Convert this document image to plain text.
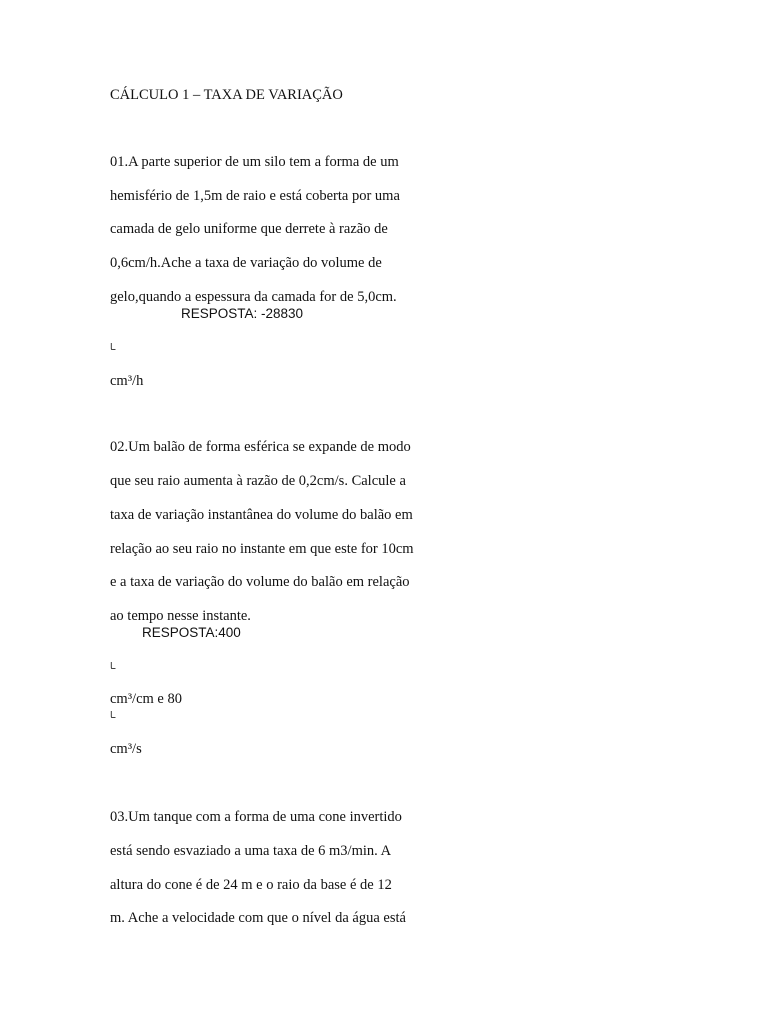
CÁLCULO 1 – TAXA DE VARIAÇÃO
01.A parte superior de um silo tem a forma de um
hemisfério de 1,5m de raio e está coberta por uma
camada de gelo uniforme que derrete à razão de
0,6cm/h.Ache a taxa de variação do volume de
gelo,quando a espessura da camada for de 5,0cm.
RESPOSTA: -28830
ـا
cm³/h
02.Um balão de forma esférica se expande de modo
que seu raio aumenta à razão de 0,2cm/s. Calcule a
taxa de variação instantânea do volume do balão em
relação ao seu raio no instante em que este for 10cm
e a taxa de variação do volume do balão em relação
ao tempo nesse instante.
RESPOSTA:400
ـا
cm³/cm e 80
ـا
cm³/s
03.Um tanque com a forma de uma cone invertido
está sendo esvaziado a uma taxa de 6 m3/min. A
altura do cone é de 24 m e o raio da base é de 12
m. Ache a velocidade com que o nível da água está
